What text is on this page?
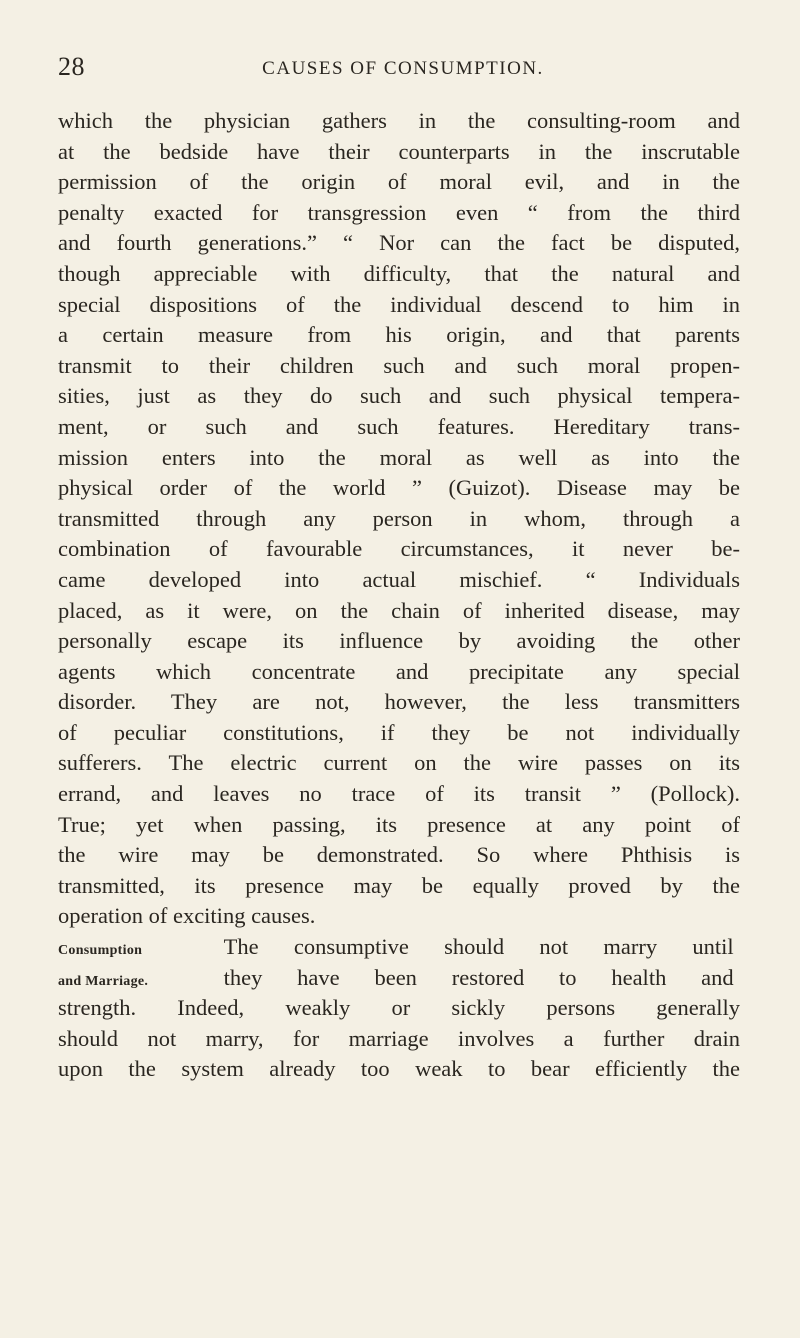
28	CAUSES OF CONSUMPTION.
which the physician gathers in the consulting-room and
at the bedside have their counterparts in the inscrutable
permission of the origin of moral evil, and in the
penalty exacted for transgression even “ from the third
and fourth generations.” “ Nor can the fact be disputed,
though appreciable with difficulty, that the natural and
special dispositions of the individual descend to him in
a certain measure from his origin, and that parents
transmit to their children such and such moral propen-
sities, just as they do such and such physical tempera-
ment, or such and such features. Hereditary trans-
mission enters into the moral as well as into the
physical order of the world ” (Guizot). Disease may be
transmitted through any person in whom, through a
combination of favourable circumstances, it never be-
came developed into actual mischief. “ Individuals
placed, as it were, on the chain of inherited disease, may
personally escape its influence by avoiding the other
agents which concentrate and precipitate any special
disorder. They are not, however, the less transmitters
of peculiar constitutions, if they be not individually
sufferers. The electric current on the wire passes on its
errand, and leaves no trace of its transit ” (Pollock).
True; yet when passing, its presence at any point of
the wire may be demonstrated. So where Phthisis is
transmitted, its presence may be equally proved by the
operation of exciting causes.
Consumption	The consumptive should not marry until
and Marriage.	they have been restored to health and
strength. Indeed, weakly or sickly persons generally
should not marry, for marriage involves a further drain
upon the system already too weak to bear efficiently the
